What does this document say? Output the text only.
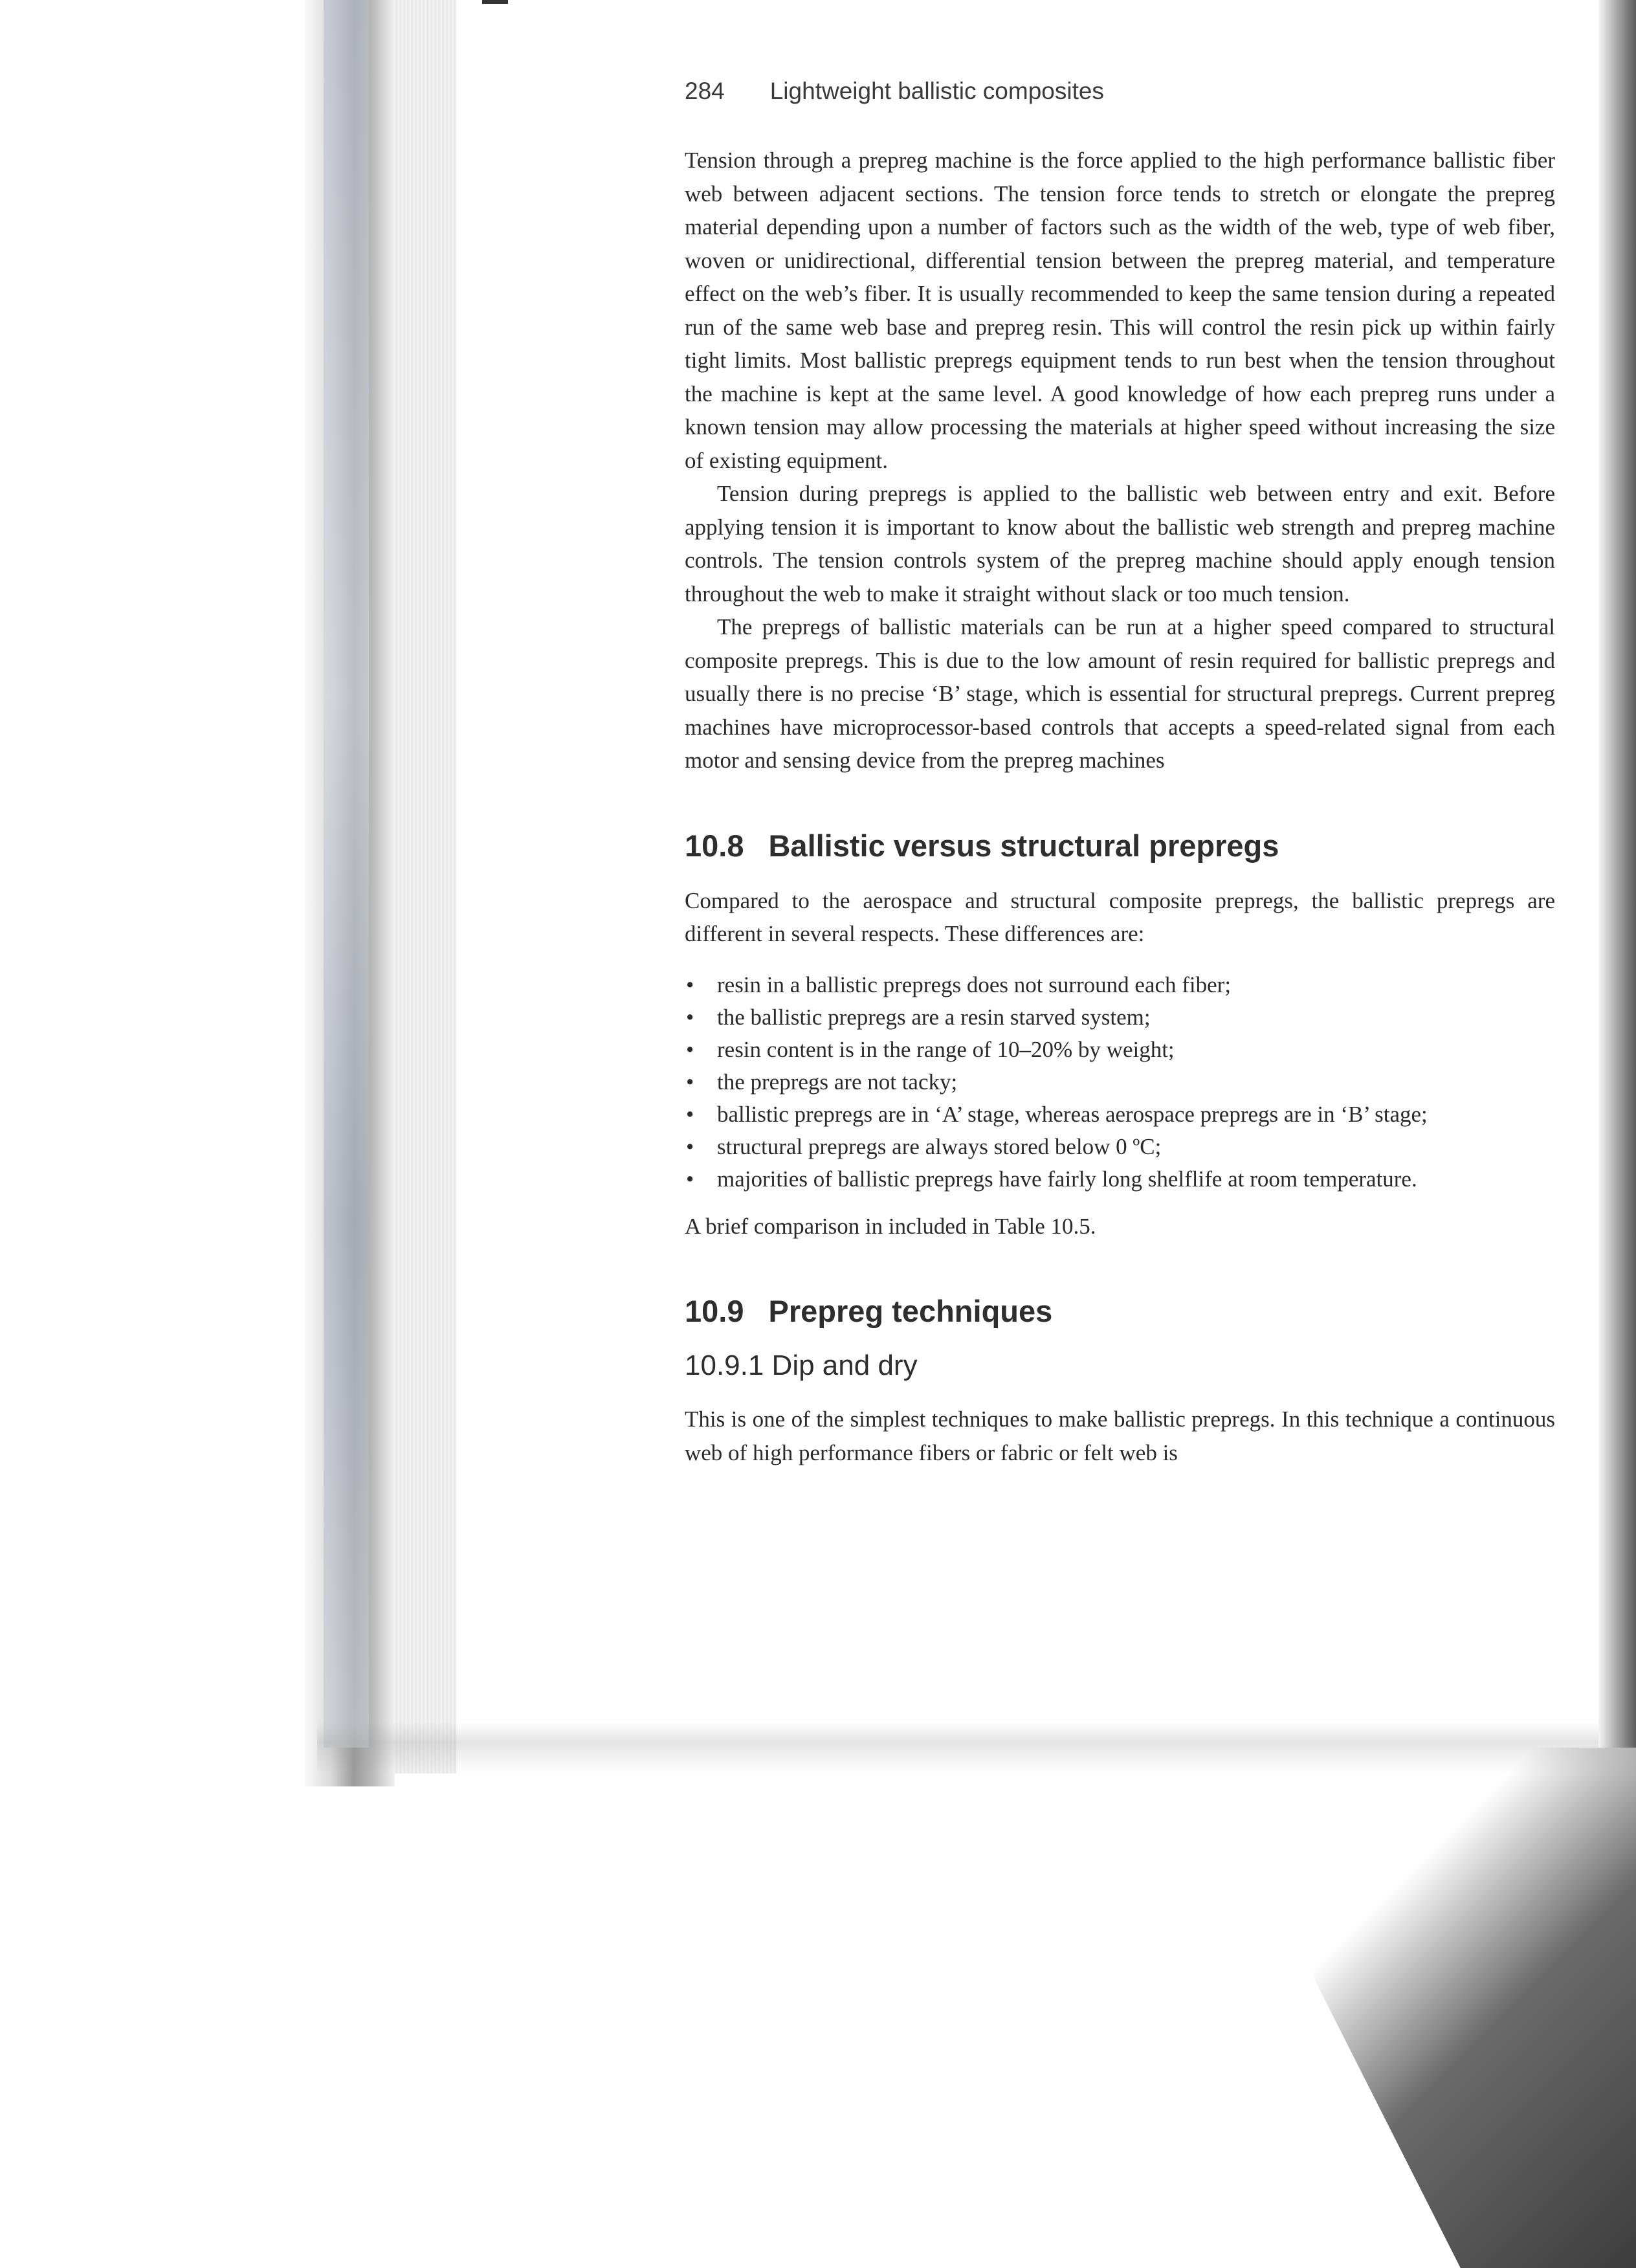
284 Lightweight ballistic composites

Tension through a prepreg machine is the force applied to the high performance ballistic fiber web between adjacent sections. The tension force tends to stretch or elongate the prepreg material depending upon a number of factors such as the width of the web, type of web fiber, woven or unidirectional, differential tension between the prepreg material, and temperature effect on the web’s fiber. It is usually recommended to keep the same tension during a repeated run of the same web base and prepreg resin. This will control the resin pick up within fairly tight limits. Most ballistic prepregs equipment tends to run best when the tension throughout the machine is kept at the same level. A good knowledge of how each prepreg runs under a known tension may allow processing the materials at higher speed without increasing the size of existing equipment.

Tension during prepregs is applied to the ballistic web between entry and exit. Before applying tension it is important to know about the ballistic web strength and prepreg machine controls. The tension controls system of the prepreg machine should apply enough tension throughout the web to make it straight without slack or too much tension.

The prepregs of ballistic materials can be run at a higher speed compared to structural composite prepregs. This is due to the low amount of resin required for ballistic prepregs and usually there is no precise ‘B’ stage, which is essential for structural prepregs. Current prepreg machines have microprocessor-based controls that accepts a speed-related signal from each motor and sensing device from the prepreg machines

10.8 Ballistic versus structural prepregs

Compared to the aerospace and structural composite prepregs, the ballistic prepregs are different in several respects. These differences are:

• resin in a ballistic prepregs does not surround each fiber;
• the ballistic prepregs are a resin starved system;
• resin content is in the range of 10–20% by weight;
• the prepregs are not tacky;
• ballistic prepregs are in ‘A’ stage, whereas aerospace prepregs are in ‘B’ stage;
• structural prepregs are always stored below 0 ºC;
• majorities of ballistic prepregs have fairly long shelflife at room temperature.

A brief comparison in included in Table 10.5.

10.9 Prepreg techniques
10.9.1 Dip and dry

This is one of the simplest techniques to make ballistic prepregs. In this technique a continuous web of high performance fibers or fabric or felt web is
